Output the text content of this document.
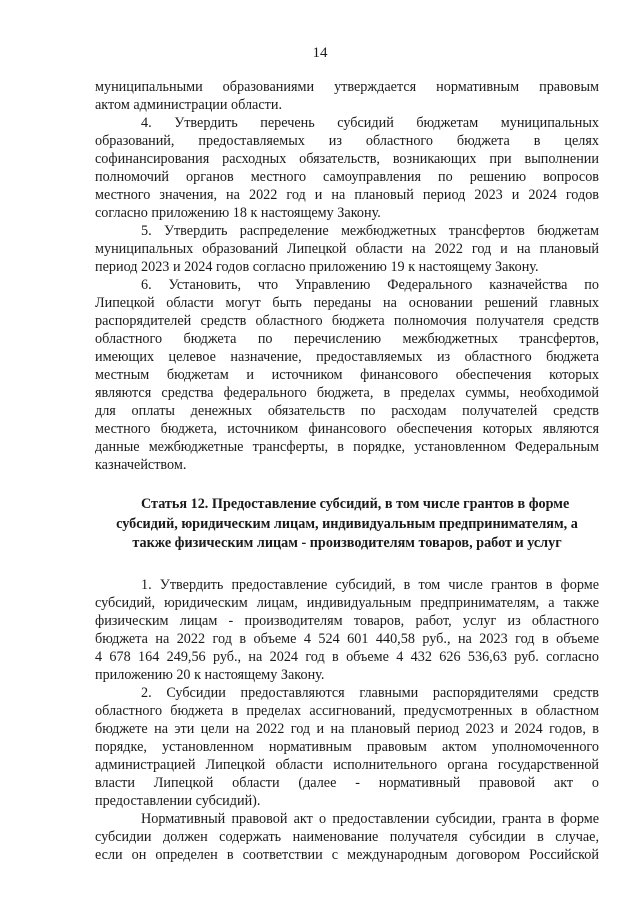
14
муниципальными образованиями утверждается нормативным правовым
актом администрации области.
4. Утвердить перечень субсидий бюджетам муниципальных
образований, предоставляемых из областного бюджета в целях
софинансирования расходных обязательств, возникающих при выполнении
полномочий органов местного самоуправления по решению вопросов
местного значения, на 2022 год и на плановый период 2023 и 2024 годов
согласно приложению 18 к настоящему Закону.
5. Утвердить распределение межбюджетных трансфертов бюджетам
муниципальных образований Липецкой области на 2022 год и на плановый
период 2023 и 2024 годов согласно приложению 19 к настоящему Закону.
6. Установить, что Управлению Федерального казначейства по
Липецкой области могут быть переданы на основании решений главных
распорядителей средств областного бюджета полномочия получателя средств
областного бюджета по перечислению межбюджетных трансфертов,
имеющих целевое назначение, предоставляемых из областного бюджета
местным бюджетам и источником финансового обеспечения которых
являются средства федерального бюджета, в пределах суммы, необходимой
для оплаты денежных обязательств по расходам получателей средств
местного бюджета, источником финансового обеспечения которых являются
данные межбюджетные трансферты, в порядке, установленном Федеральным
казначейством.
Статья 12. Предоставление субсидий, в том числе грантов в форме
субсидий, юридическим лицам, индивидуальным предпринимателям, а
также физическим лицам - производителям товаров, работ и услуг
1. Утвердить предоставление субсидий, в том числе грантов в форме
субсидий, юридическим лицам, индивидуальным предпринимателям, а также
физическим лицам - производителям товаров, работ, услуг из областного
бюджета на 2022 год в объеме 4 524 601 440,58 руб., на 2023 год в объеме
4 678 164 249,56 руб., на 2024 год в объеме 4 432 626 536,63 руб. согласно
приложению 20 к настоящему Закону.
2. Субсидии предоставляются главными распорядителями средств
областного бюджета в пределах ассигнований, предусмотренных в областном
бюджете на эти цели на 2022 год и на плановый период 2023 и 2024 годов, в
порядке, установленном нормативным правовым актом уполномоченного
администрацией Липецкой области исполнительного органа государственной
власти Липецкой области (далее - нормативный правовой акт о
предоставлении субсидий).
Нормативный правовой акт о предоставлении субсидии, гранта в форме
субсидии должен содержать наименование получателя субсидии в случае,
если он определен в соответствии с международным договором Российской
